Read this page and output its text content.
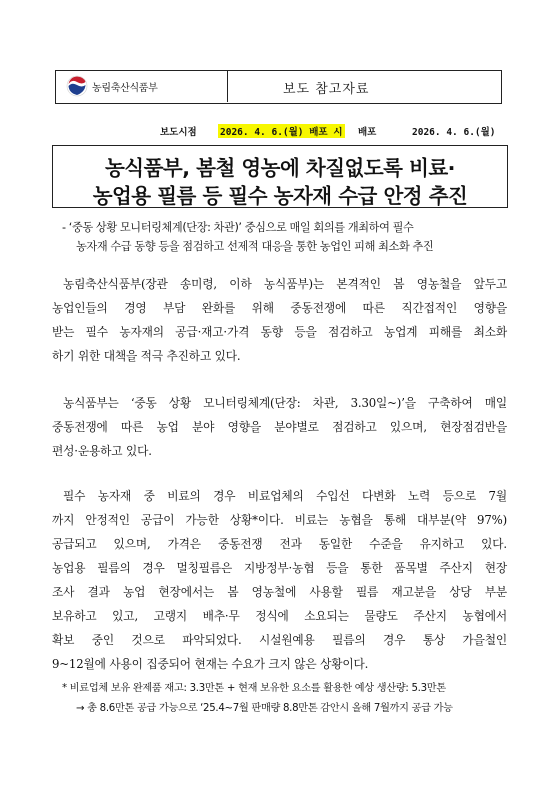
농림축산식품부	보도 참고자료
보도시점 2026. 4. 6.(월) 배포 시 배포	2026. 4. 6.(월)
농식품부, 봄철 영농에 차질없도록 비료·
농업용 필름 등 필수 농자재 수급 안정 추진
- ‘중동 상황 모니터링체계(단장: 차관)’ 중심으로 매일 회의를 개최하여 필수
농자재 수급 동향 등을 점검하고 선제적 대응을 통한 농업인 피해 최소화 추진
농림축산식품부(장관 송미령, 이하 농식품부)는 본격적인 봄 영농철을 앞두고
농업인들의 경영 부담 완화를 위해 중동전쟁에 따른 직간접적인 영향을
받는 필수 농자재의 공급·재고·가격 동향 등을 점검하고 농업계 피해를 최소화
하기 위한 대책을 적극 추진하고 있다.
농식품부는 ‘중동 상황 모니터링체계(단장: 차관, 3.30일~)’을 구축하여 매일
중동전쟁에 따른 농업 분야 영향을 분야별로 점검하고 있으며, 현장점검반을
편성·운용하고 있다.
필수 농자재 중 비료의 경우 비료업체의 수입선 다변화 노력 등으로 7월
까지 안정적인 공급이 가능한 상황*이다. 비료는 농협을 통해 대부분(약 97%)
공급되고 있으며, 가격은 중동전쟁 전과 동일한 수준을 유지하고 있다.
농업용 필름의 경우 멀칭필름은 지방정부·농협 등을 통한 품목별 주산지 현장
조사 결과 농업 현장에서는 봄 영농철에 사용할 필름 재고분을 상당 부분
보유하고 있고, 고랭지 배추·무 정식에 소요되는 물량도 주산지 농협에서
확보 중인 것으로 파악되었다. 시설원예용 필름의 경우 통상 가을철인
9~12월에 사용이 집중되어 현재는 수요가 크지 않은 상황이다.
* 비료업체 보유 완제품 재고: 3.3만톤 + 현재 보유한 요소를 활용한 예상 생산량: 5.3만톤
→ 총 8.6만톤 공급 가능으로 ‘25.4~7월 판매량 8.8만톤 감안시 올해 7월까지 공급 가능
